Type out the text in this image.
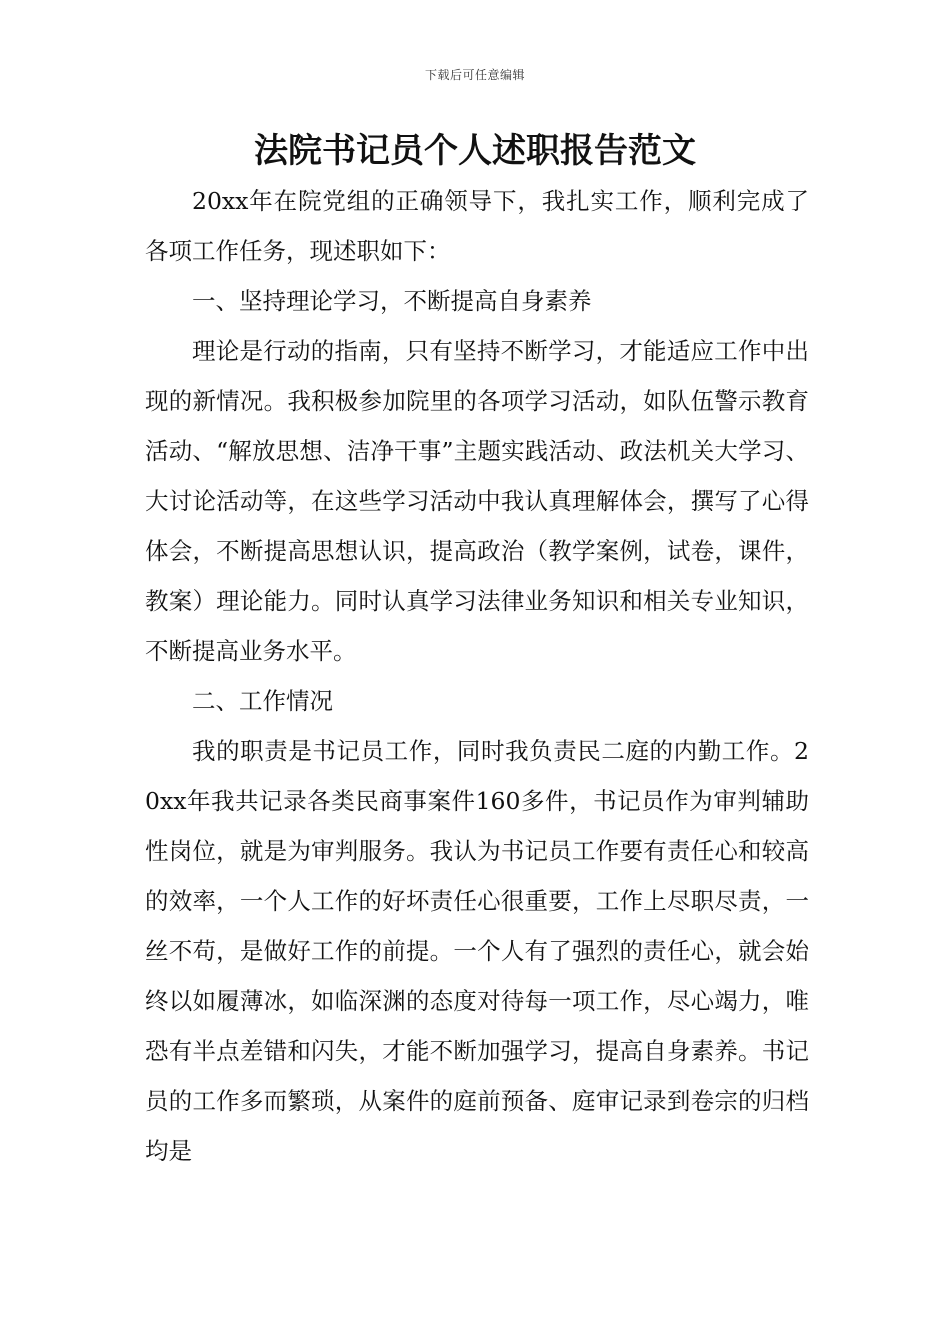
下载后可任意编辑
法院书记员个人述职报告范文

20xx年在院党组的正确领导下，我扎实工作，顺利完成了各项工作任务，现述职如下：

一、坚持理论学习，不断提高自身素养

理论是行动的指南，只有坚持不断学习，才能适应工作中出现的新情况。我积极参加院里的各项学习活动，如队伍警示教育活动、“解放思想、洁净干事”主题实践活动、政法机关大学习、大讨论活动等，在这些学习活动中我认真理解体会，撰写了心得体会，不断提高思想认识，提高政治（教学案例，试卷，课件，教案）理论能力。同时认真学习法律业务知识和相关专业知识，不断提高业务水平。

二、工作情况

我的职责是书记员工作，同时我负责民二庭的内勤工作。20xx年我共记录各类民商事案件160多件，书记员作为审判辅助性岗位，就是为审判服务。我认为书记员工作要有责任心和较高的效率，一个人工作的好坏责任心很重要，工作上尽职尽责，一丝不苟，是做好工作的前提。一个人有了强烈的责任心，就会始终以如履薄冰，如临深渊的态度对待每一项工作，尽心竭力，唯恐有半点差错和闪失，才能不断加强学习，提高自身素养。书记员的工作多而繁琐，从案件的庭前预备、庭审记录到卷宗的归档均是
